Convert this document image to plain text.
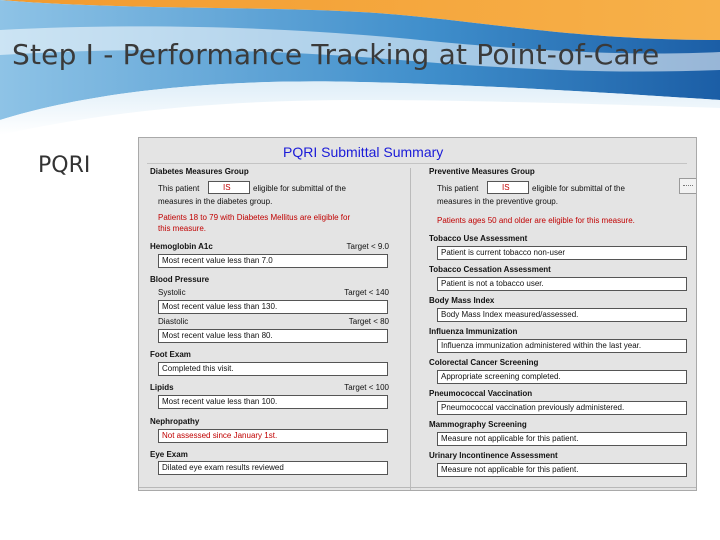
Step I - Performance Tracking at Point-of-Care
PQRI
PQRI Submittal Summary
Diabetes Measures Group
This patient	IS	eligible for submittal of the
measures in the diabetes group.
Patients 18 to 79 with Diabetes Mellitus are eligible for
this measure.
Hemoglobin A1c	Target < 9.0
Most recent value less than 7.0
Blood Pressure
Systolic	Target < 140
Most recent value less than 130.
Diastolic	Target < 80
Most recent value less than 80.
Foot Exam
Completed this visit.
Lipids	Target < 100
Most recent value less than 100.
Nephropathy
Not assessed since January 1st.
Eye Exam
Dilated eye exam results reviewed
Preventive Measures Group
This patient	IS	eligible for submittal of the
measures in the preventive group.
Patients ages 50 and older are eligible for this measure.
Tobacco Use Assessment
Patient is current tobacco non-user
Tobacco Cessation Assessment
Patient is not a tobacco user.
Body Mass Index
Body Mass Index measured/assessed.
Influenza Immunization
Influenza immunization administered within the last year.
Colorectal Cancer Screening
Appropriate screening completed.
Pneumococcal Vaccination
Pneumococcal vaccination previously administered.
Mammography Screening
Measure not applicable for this patient.
Urinary Incontinence Assessment
Measure not applicable for this patient.
